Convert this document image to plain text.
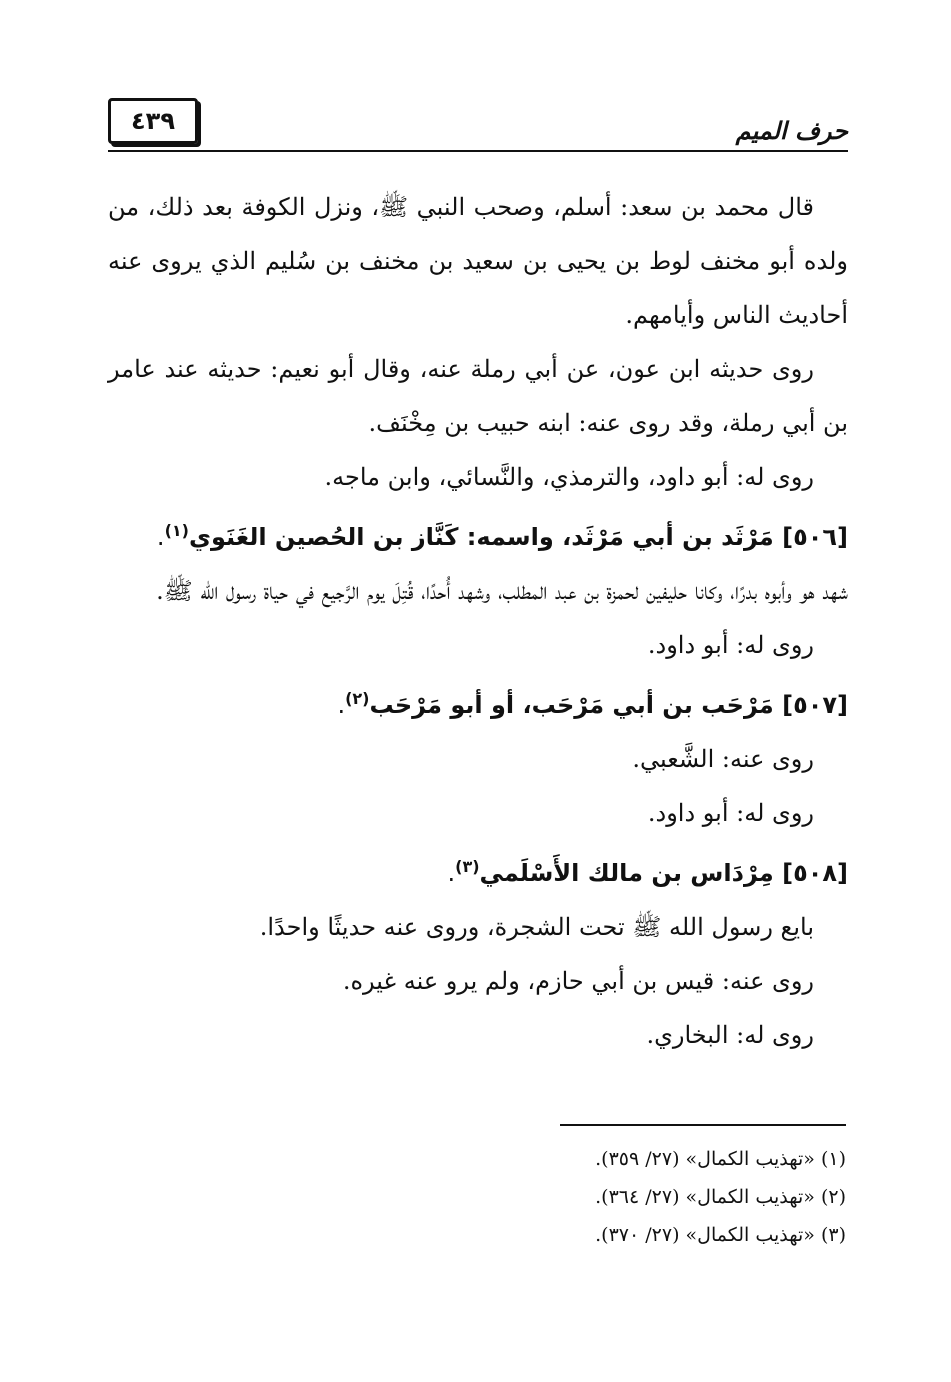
٤٣٩	حرف الميم

قال محمد بن سعد: أسلم، وصحب النبي ﷺ، ونزل الكوفة بعد ذلك، من ولده أبو مخنف لوط بن يحيى بن سعيد بن مخنف بن سُليم الذي يروى عنه أحاديث الناس وأيامهم.

روى حديثه ابن عون، عن أبي رملة عنه، وقال أبو نعيم: حديثه عند عامر بن أبي رملة، وقد روى عنه: ابنه حبيب بن مِخْنَف.

روى له: أبو داود، والترمذي، والنَّسائي، وابن ماجه.

[٥٠٦] مَرْثَد بن أبي مَرْثَد، واسمه: كَنَّاز بن الحُصين الغَنَوي$^{(١)}$.

شهد هو وأبوه بدرًا، وكانا حليفين لحمزة بن عبد المطلب، وشهد أُحدًا، قُتِلَ يوم الرَّجيع في حياة رسول الله ﷺ.

روى له: أبو داود.

[٥٠٧] مَرْحَب بن أبي مَرْحَب، أو أبو مَرْحَب$^{(٢)}$.

روى عنه: الشَّعبي.

روى له: أبو داود.

[٥٠٨] مِرْدَاس بن مالك الأَسْلَمي$^{(٣)}$.

بايع رسول الله ﷺ تحت الشجرة، وروى عنه حديثًا واحدًا.

روى عنه: قيس بن أبي حازم، ولم يرو عنه غيره.

روى له: البخاري.

(١) «تهذيب الكمال» (٢٧/ ٣٥٩).

(٢) «تهذيب الكمال» (٢٧/ ٣٦٤).

(٣) «تهذيب الكمال» (٢٧/ ٣٧٠).
